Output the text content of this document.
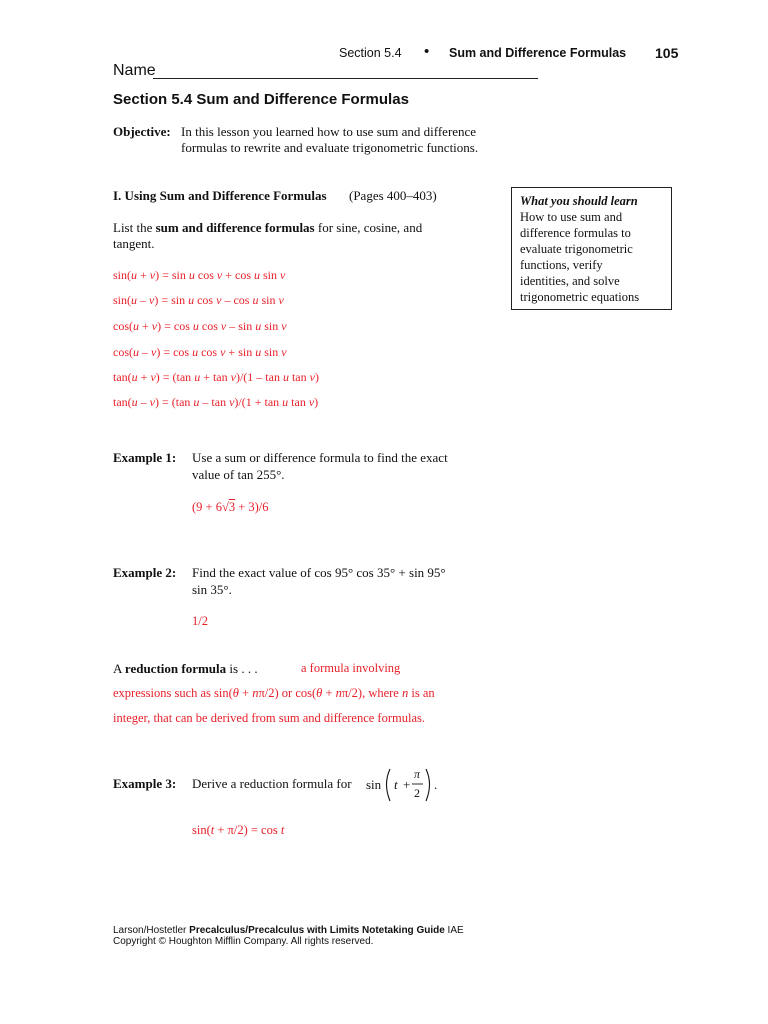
Section 5.4 • Sum and Difference Formulas 105
Name
Section 5.4 Sum and Difference Formulas
Objective: In this lesson you learned how to use sum and difference
formulas to rewrite and evaluate trigonometric functions.
I. Using Sum and Difference Formulas (Pages 400–403)	What you should learn
How to use sum and
difference formulas to
evaluate trigonometric
functions, verify
identities, and solve
trigonometric equations
List the sum and difference formulas for sine, cosine, and
tangent.
sin(u + v) = sin u cos v + cos u sin v
sin(u – v) = sin u cos v – cos u sin v
cos(u + v) = cos u cos v – sin u sin v
cos(u – v) = cos u cos v + sin u sin v
tan(u + v) = (tan u + tan v)/(1 – tan u tan v)
tan(u – v) = (tan u – tan v)/(1 + tan u tan v)
Example 1: Use a sum or difference formula to find the exact
value of tan 255°.
(9 + 6√3 + 3)/6
Example 2: Find the exact value of cos 95° cos 35° + sin 95°
sin 35°.
1/2
A reduction formula is . . .	a formula involving
expressions such as sin(θ + nπ/2) or cos(θ + nπ/2), where n is an
integer, that can be derived from sum and difference formulas.
Example 3: Derive a reduction formula for sin t +
π
2
.
sin(t + π/2) = cos t
Larson/Hostetler Precalculus/Precalculus with Limits Notetaking Guide IAE
Copyright © Houghton Mifflin Company. All rights reserved.
